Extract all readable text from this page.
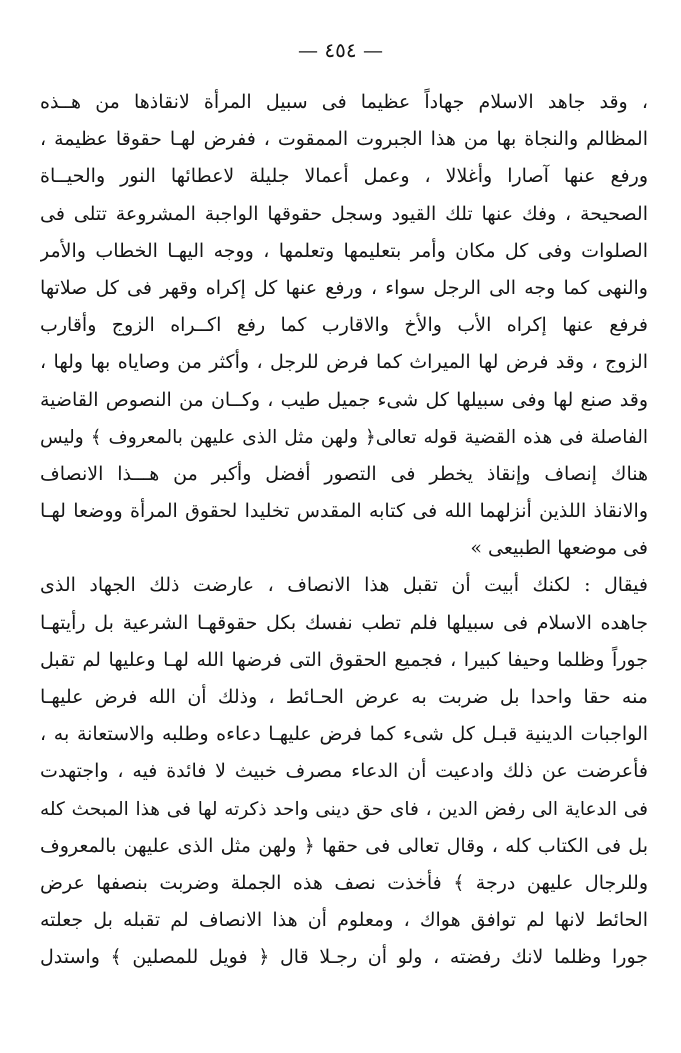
— ٤٥٤ —
، وقد جاهد الاسلام جهاداً عظيما فى سبيل المرأة لانقاذها من هــذه
المظالم والنجاة بها من هذا الجبروت الممقوت ، ففرض لهـا حقوقا عظيمة ،
ورفع عنها آصارا وأغلالا ، وعمل أعمالا جليلة لاعطائها النور والحيــاة
الصحيحة ، وفك عنها تلك القيود وسجل حقوقها الواجبة المشروعة تتلى فى
الصلوات وفى كل مكان وأمر بتعليمها وتعلمها ، ووجه اليهـا الخطاب والأمر
والنهى كما وجه الى الرجل سواء ، ورفع عنها كل إكراه وقهر فى كل صلاتها
فرفع عنها إكراه الأب والأخ والاقارب كما رفع اكــراه الزوج وأقارب
الزوج ، وقد فرض لها الميراث كما فرض للرجل ، وأكثر من وصاياه بها ولها ،
وقد صنع لها وفى سبيلها كل شىء جميل طيب ، وكــان من النصوص القاضية
الفاصلة فى هذه القضية قوله تعالى﴿ ولهن مثل الذى عليهن بالمعروف ﴾ وليس
هناك إنصاف وإنقاذ يخطر فى التصور أفضل وأكبر من هـــذا الانصاف
والانقاذ اللذين أنزلهما الله فى كتابه المقدس تخليدا لحقوق المرأة ووضعا لهـا
فى موضعها الطبيعى »
فيقال : لكنك أبيت أن تقبل هذا الانصاف ، عارضت ذلك الجهاد الذى
جاهده الاسلام فى سبيلها فلم تطب نفسك بكل حقوقهـا الشرعية بل رأيتهـا
جوراً وظلما وحيفا كبيرا ، فجميع الحقوق التى فرضها الله لهـا وعليها لم تقبل
منه حقا واحدا بل ضربت به عرض الحـائط ، وذلك أن الله فرض عليهـا
الواجبات الدينية قبـل كل شىء كما فرض عليهـا دعاءه وطلبه والاستعانة به ،
فأعرضت عن ذلك وادعيت أن الدعاء مصرف خبيث لا فائدة فيه ، واجتهدت
فى الدعاية الى رفض الدين ، فاى حق دينى واحد ذكرته لها فى هذا المبحث كله
بل فى الكتاب كله ، وقال تعالى فى حقها ﴿ ولهن مثل الذى عليهن بالمعروف
وللرجال عليهن درجة ﴾ فأخذت نصف هذه الجملة وضربت بنصفها عرض
الحائط لانها لم توافق هواك ، ومعلوم أن هذا الانصاف لم تقبله بل جعلته
جورا وظلما لانك رفضته ، ولو أن رجـلا قال ﴿ فويل للمصلين ﴾ واستدل
